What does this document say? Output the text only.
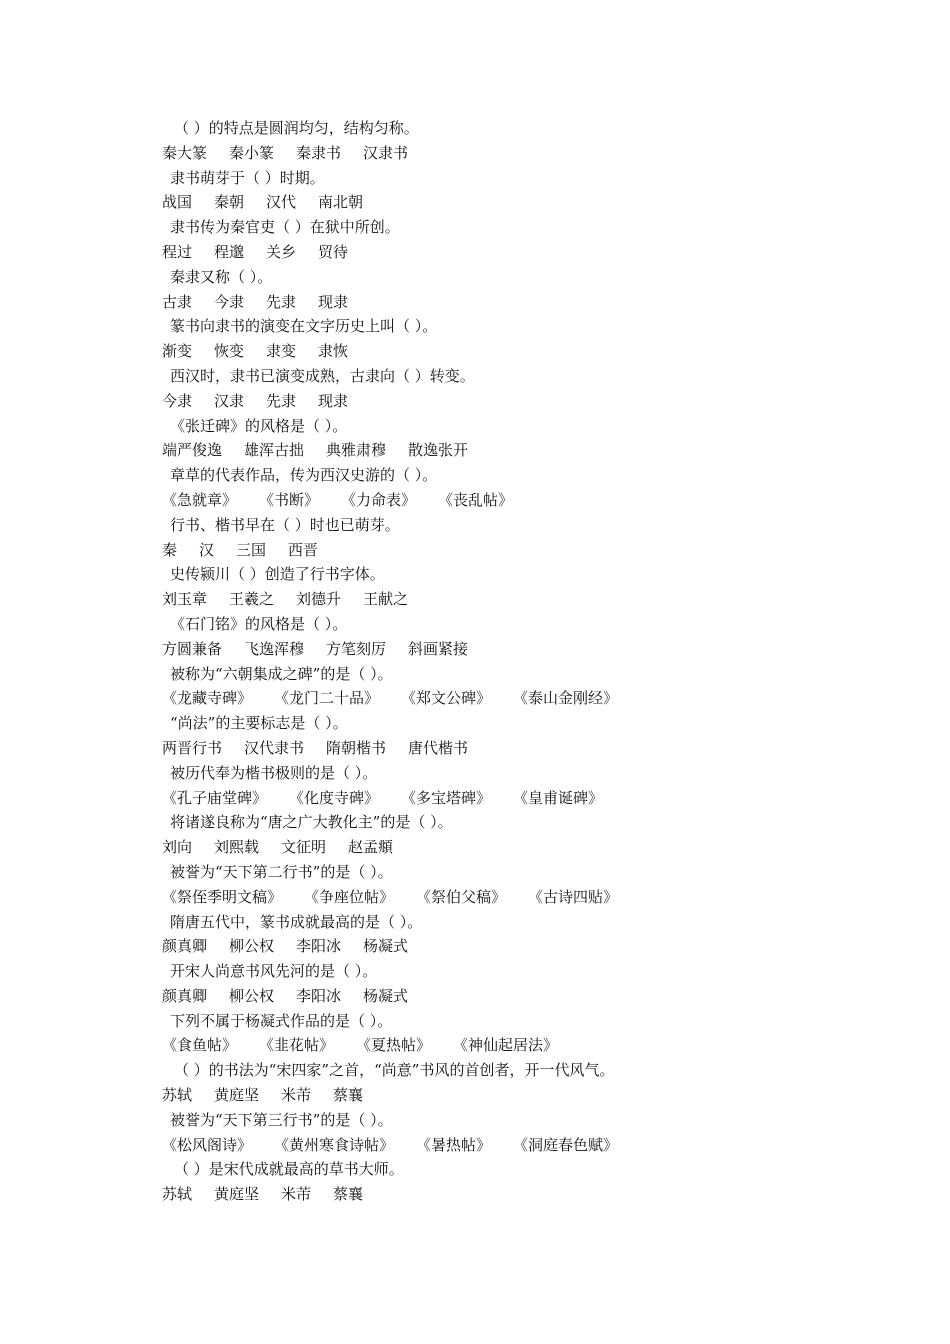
（ ）的特点是圆润均匀，结构匀称。
秦大篆 秦小篆 秦隶书 汉隶书
隶书萌芽于（ ）时期。
战国 秦朝 汉代 南北朝
隶书传为秦官吏（ ）在狱中所创。
程过 程邈 关乡 贸待
秦隶又称（ ）。
古隶 今隶 先隶 现隶
篆书向隶书的演变在文字历史上叫（ ）。
渐变 恢变 隶变 隶恢
西汉时，隶书已演变成熟，古隶向（ ）转变。
今隶 汉隶 先隶 现隶
《张迁碑》的风格是（ ）。
端严俊逸 雄浑古拙 典雅肃穆 散逸张开
章草的代表作品，传为西汉史游的（ ）。
《急就章》 《书断》 《力命表》 《丧乱帖》
行书、楷书早在（ ）时也已萌芽。
秦 汉 三国 西晋
史传颍川（ ）创造了行书字体。
刘玉章 王羲之 刘德升 王献之
《石门铭》的风格是（ ）。
方圆兼备 飞逸浑穆 方笔刻厉 斜画紧接
被称为“六朝集成之碑”的是（ ）。
《龙藏寺碑》 《龙门二十品》 《郑文公碑》 《泰山金刚经》
“尚法”的主要标志是（ ）。
两晋行书 汉代隶书 隋朝楷书 唐代楷书
被历代奉为楷书极则的是（ ）。
《孔子庙堂碑》 《化度寺碑》 《多宝塔碑》 《皇甫诞碑》
将诸遂良称为“唐之广大教化主”的是（ ）。
刘向 刘熙载 文征明 赵孟頫
被誉为“天下第二行书”的是（ ）。
《祭侄季明文稿》 《争座位帖》 《祭伯父稿》 《古诗四贴》
隋唐五代中，篆书成就最高的是（ ）。
颜真卿 柳公权 李阳冰 杨凝式
开宋人尚意书风先河的是（ ）。
颜真卿 柳公权 李阳冰 杨凝式
下列不属于杨凝式作品的是（ ）。
《食鱼帖》 《韭花帖》 《夏热帖》 《神仙起居法》
（ ）的书法为“宋四家”之首，“尚意”书风的首创者，开一代风气。
苏轼 黄庭坚 米芾 蔡襄
被誉为“天下第三行书”的是（ ）。
《松风阁诗》 《黄州寒食诗帖》 《暑热帖》 《洞庭春色赋》
（ ）是宋代成就最高的草书大师。
苏轼 黄庭坚 米芾 蔡襄
